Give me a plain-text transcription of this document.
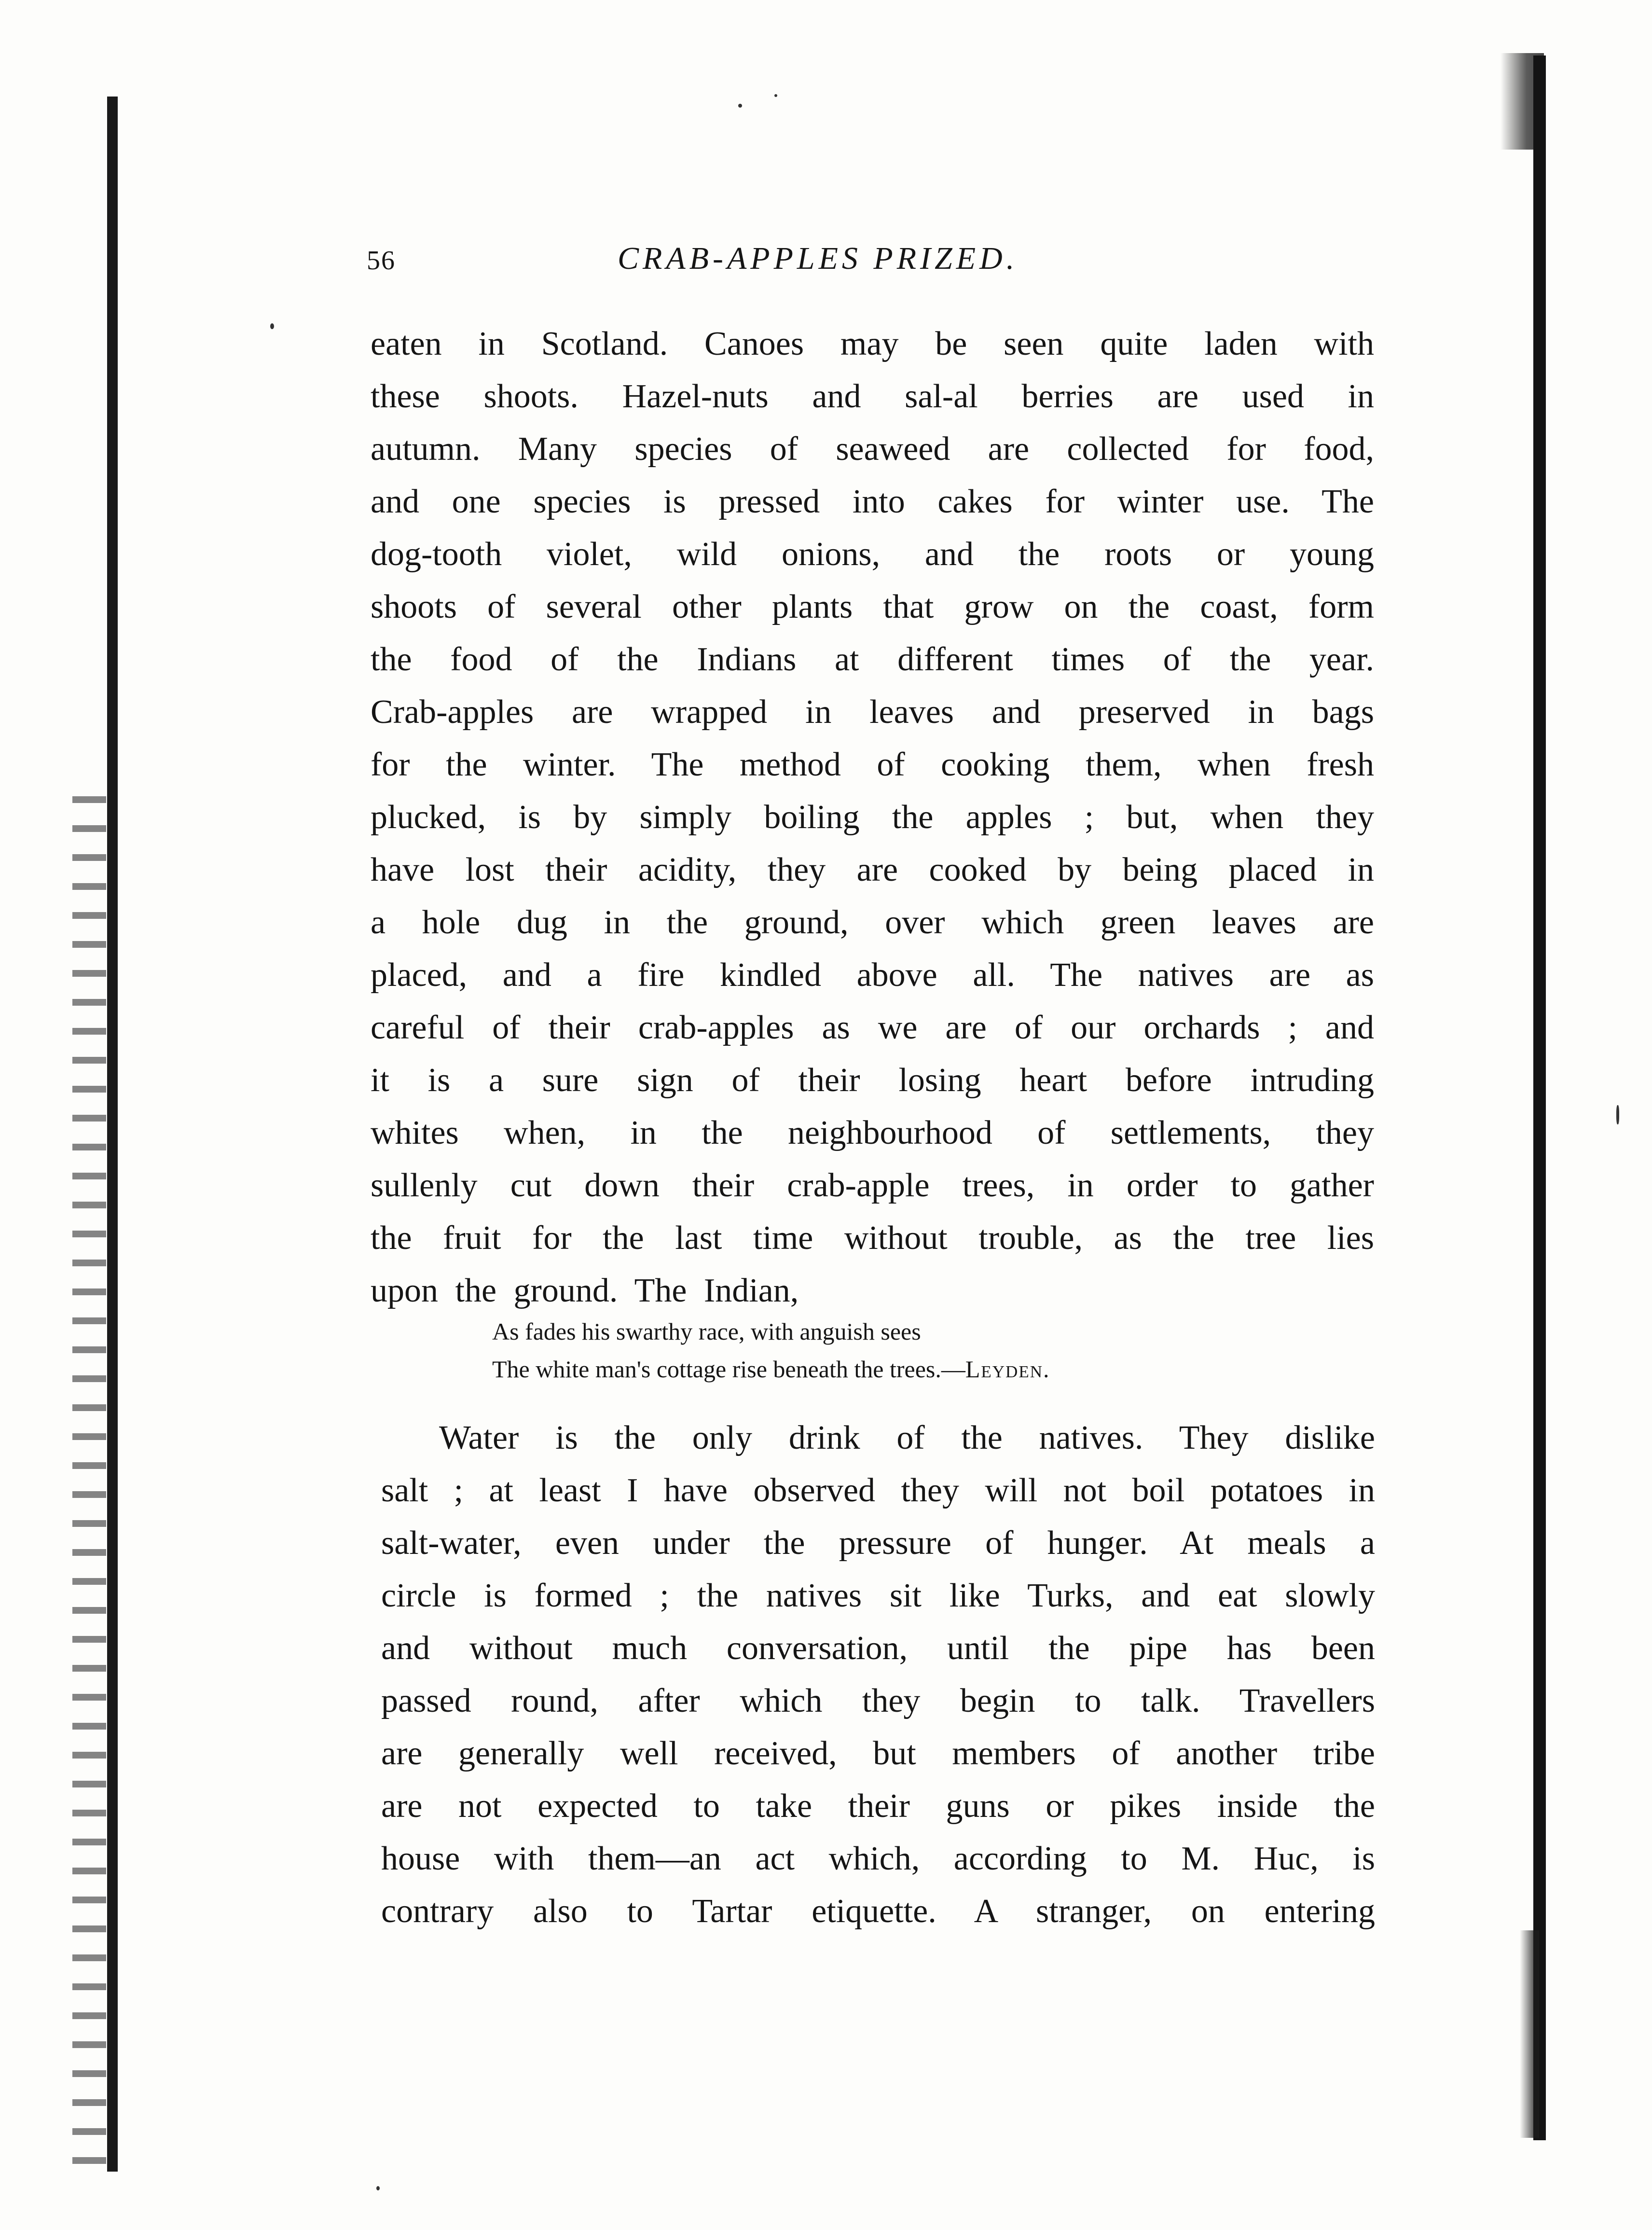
56	CRAB-APPLES PRIZED.
eaten in Scotland. Canoes may be seen quite laden with
these shoots. Hazel-nuts and sal-al berries are used in
autumn. Many species of seaweed are collected for food,
and one species is pressed into cakes for winter use. The
dog-tooth violet, wild onions, and the roots or young
shoots of several other plants that grow on the coast, form
the food of the Indians at different times of the year.
Crab-apples are wrapped in leaves and preserved in bags
for the winter. The method of cooking them, when fresh
plucked, is by simply boiling the apples ; but, when they
have lost their acidity, they are cooked by being placed in
a hole dug in the ground, over which green leaves are
placed, and a fire kindled above all. The natives are as
careful of their crab-apples as we are of our orchards ; and
it is a sure sign of their losing heart before intruding
whites when, in the neighbourhood of settlements, they
sullenly cut down their crab-apple trees, in order to gather
the fruit for the last time without trouble, as the tree lies
upon the ground. The Indian,
As fades his swarthy race, with anguish sees
The white man's cottage rise beneath the trees.—Leyden.
Water is the only drink of the natives. They dislike
salt ; at least I have observed they will not boil potatoes in
salt-water, even under the pressure of hunger. At meals a
circle is formed ; the natives sit like Turks, and eat slowly
and without much conversation, until the pipe has been
passed round, after which they begin to talk. Travellers
are generally well received, but members of another tribe
are not expected to take their guns or pikes inside the
house with them—an act which, according to M. Huc, is
contrary also to Tartar etiquette. A stranger, on entering
